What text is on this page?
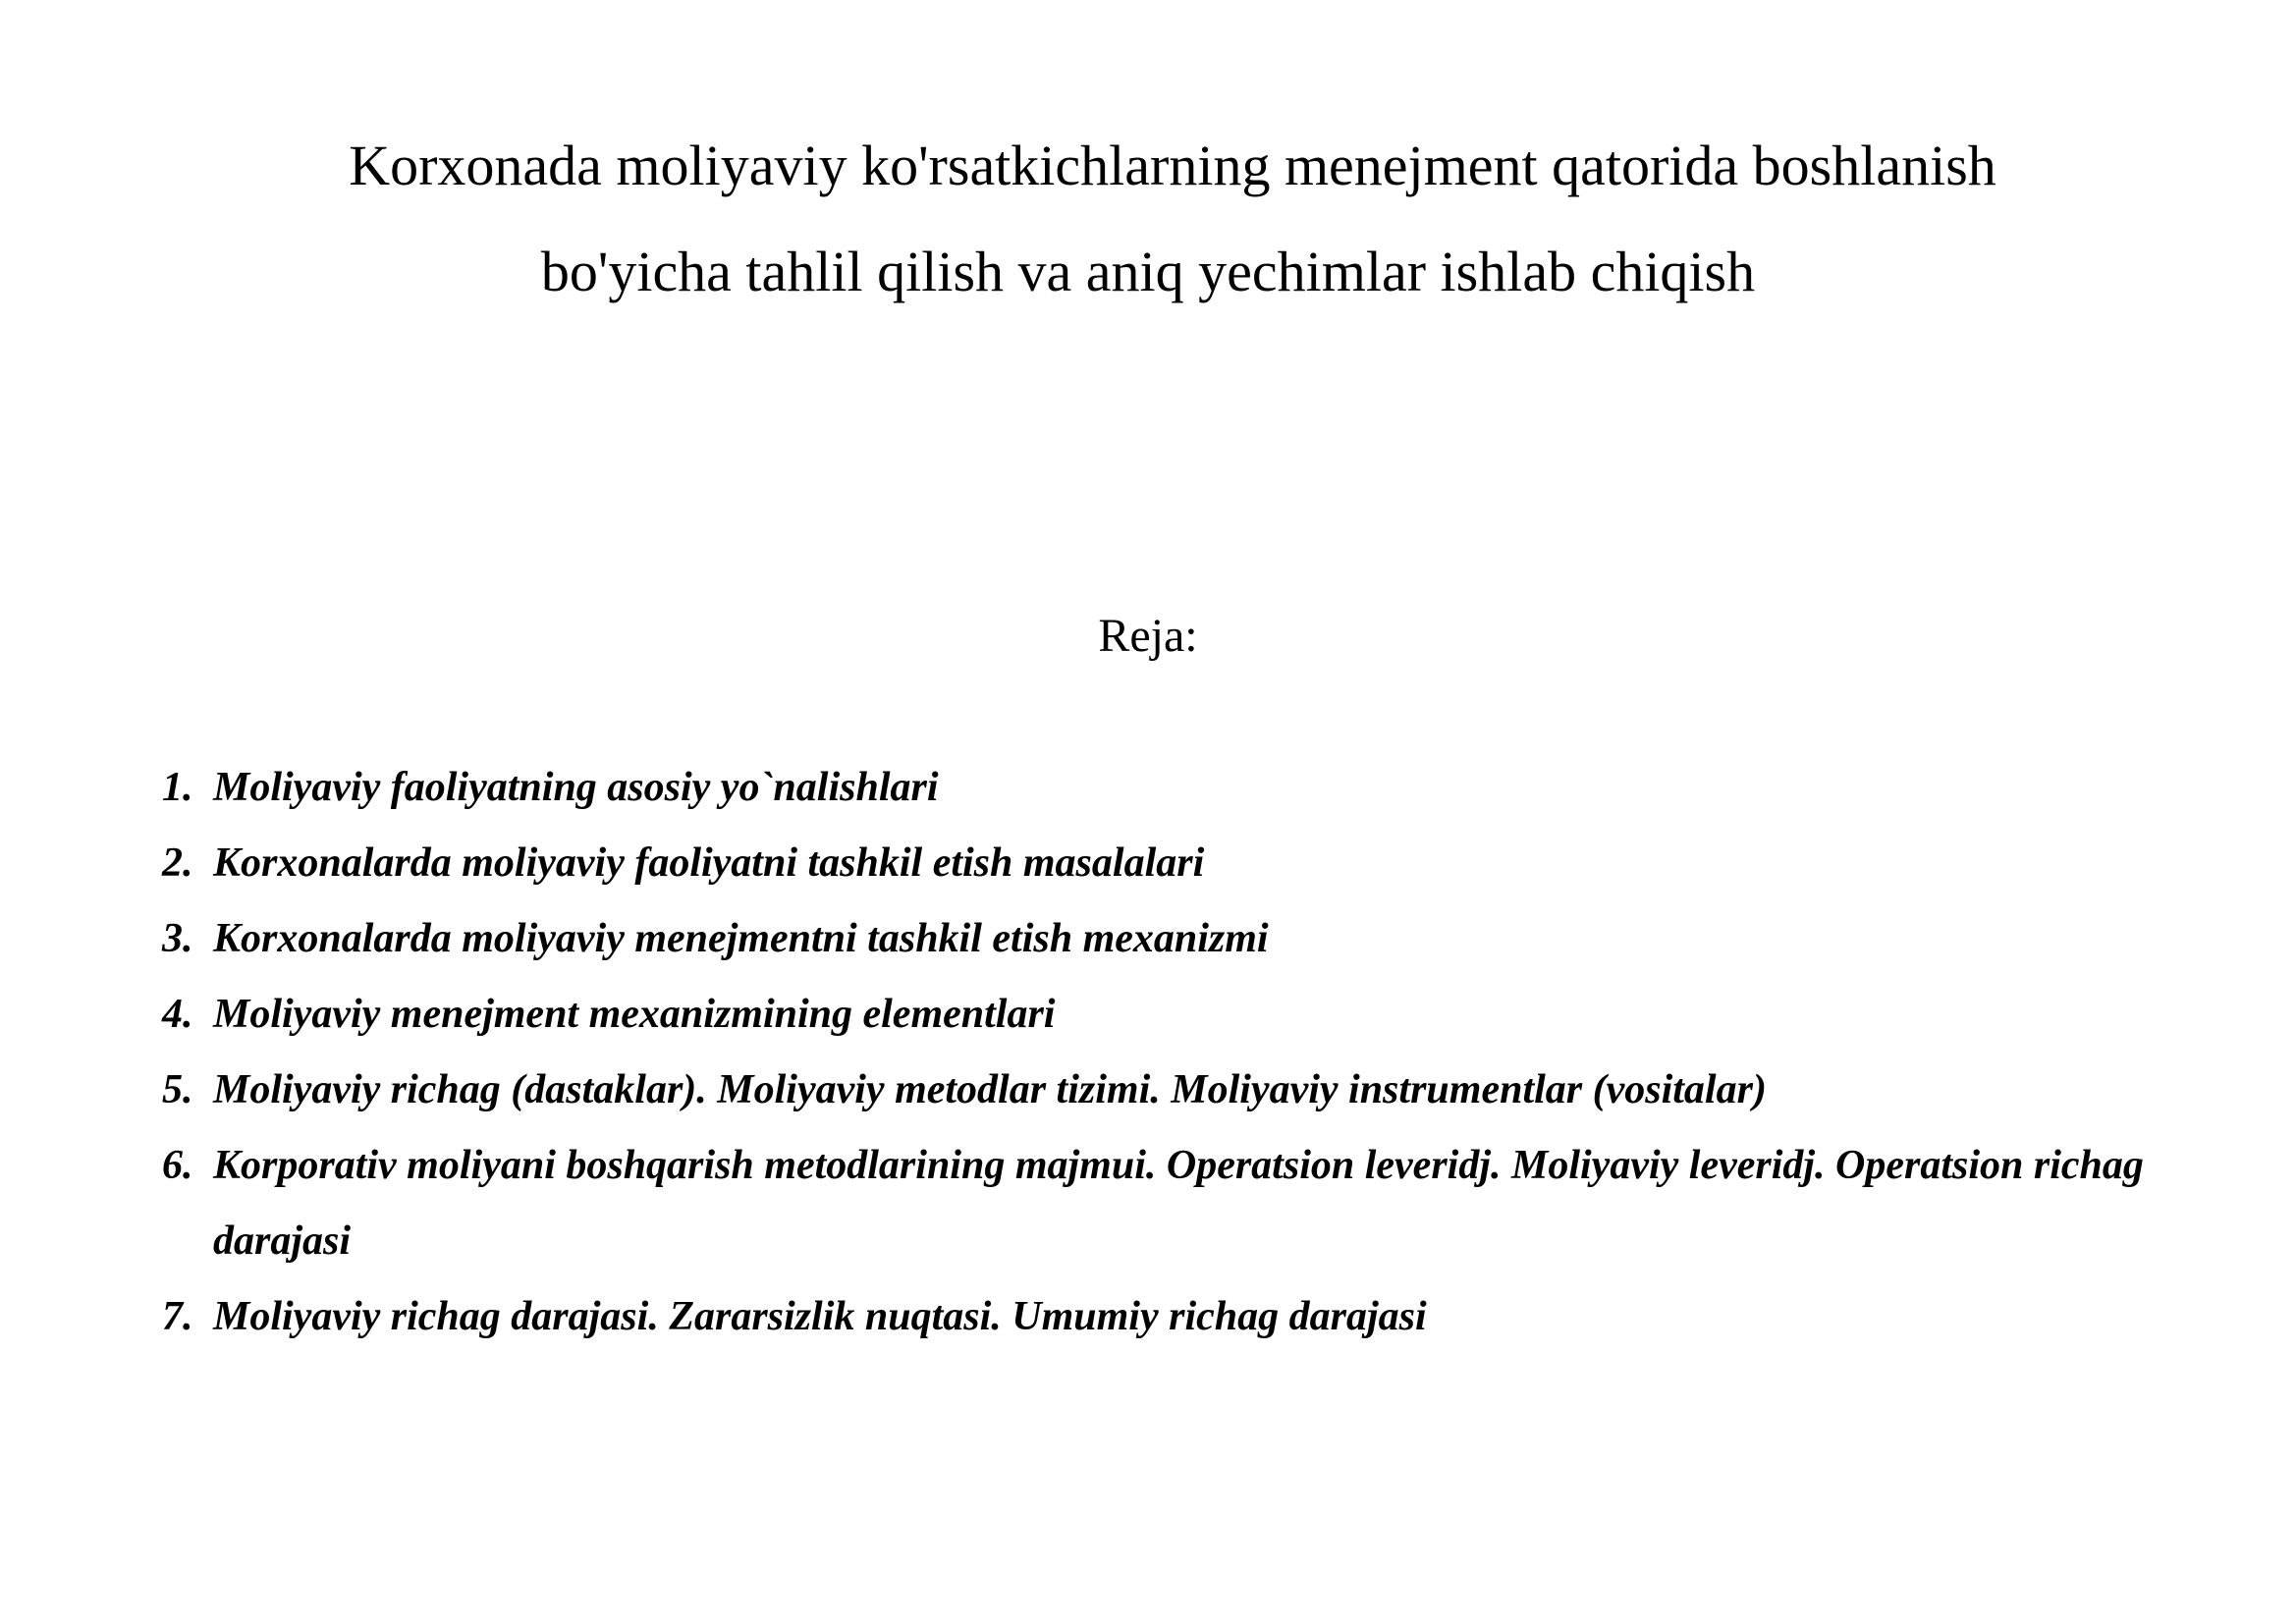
Korxonada moliyaviy ko'rsatkichlarning menejment qatorida boshlanish
bo'yicha tahlil qilish va aniq yechimlar ishlab chiqish
Reja:
1. Moliyaviy faoliyatning asosiy yo`nalishlari
2. Korxonalarda moliyaviy faoliyatni tashkil etish masalalari
3. Korxonalarda moliyaviy menejmentni tashkil etish mexanizmi
4. Moliyaviy menejment mexanizmining elementlari
5. Moliyaviy richag (dastaklar). Moliyaviy metodlar tizimi. Moliyaviy instrumentlar (vositalar)
6. Korporativ moliyani boshqarish metodlarining majmui. Operatsion leveridj. Moliyaviy leveridj. Operatsion richag darajasi
7. Moliyaviy richag darajasi. Zararsizlik nuqtasi. Umumiy richag darajasi
